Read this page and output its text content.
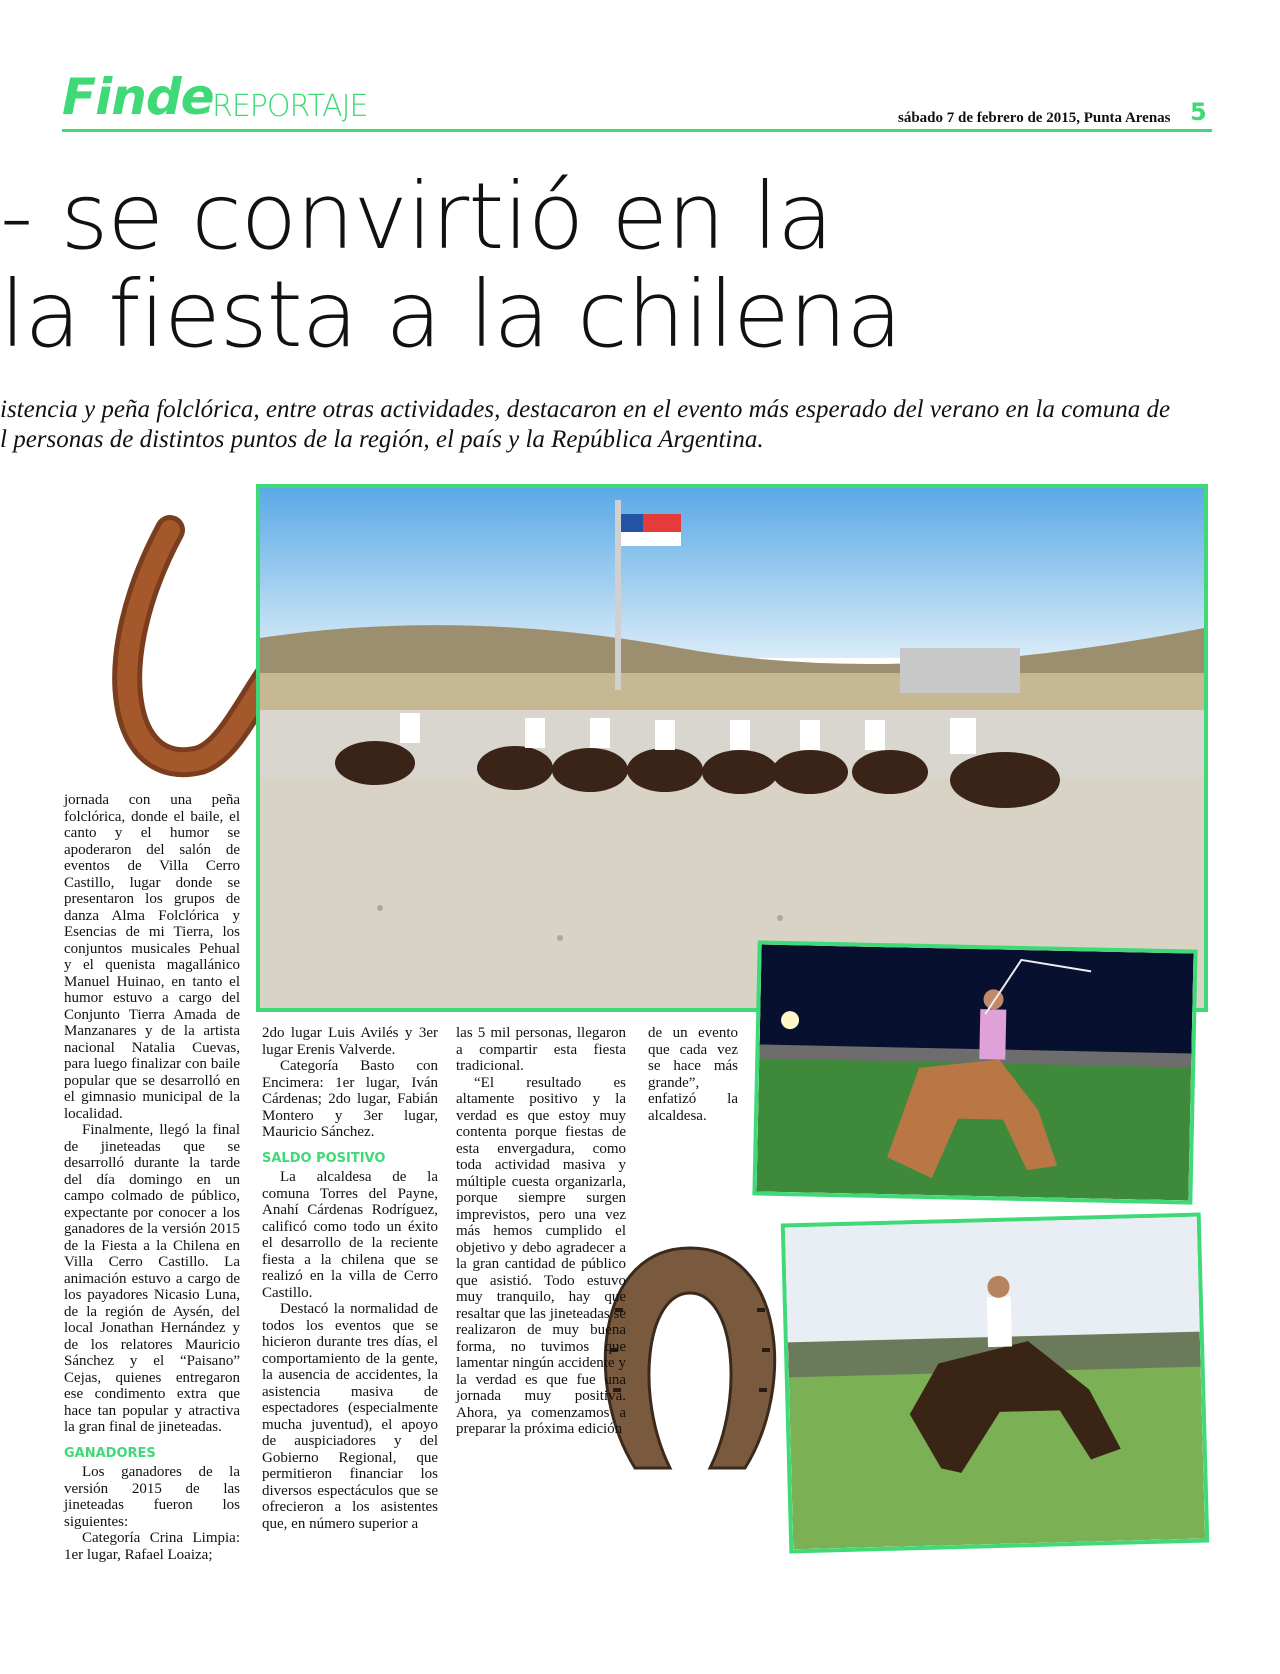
Finde
REPORTAJE	sábado 7 de febrero de 2015, Punta Arenas 5
- se convirtió en la
la fiesta a la chilena
istencia y peña folclórica, entre otras actividades, destacaron en el evento más esperado del verano en la comuna de
l personas de distintos puntos de la región, el país y la República Argentina.

jornada con una peña folclórica, donde el baile, el canto y el humor se apoderaron del salón de eventos de Villa Cerro Castillo, lugar donde se presentaron los grupos de danza Alma Folclórica y Esencias de mi Tierra, los conjuntos musicales Pehual y el quenista magallánico Manuel Huinao, en tanto el humor estuvo a cargo del Conjunto Tierra Amada de Manzanares y de la artista nacional Natalia Cuevas, para luego finalizar con baile popular que se desarrolló en el gimnasio municipal de la localidad.

Finalmente, llegó la final de jineteadas que se desarrolló durante la tarde del día domingo en un campo colmado de público, expectante por conocer a los ganadores de la versión 2015 de la Fiesta a la Chilena en Villa Cerro Castillo. La animación estuvo a cargo de los payadores Nicasio Luna, de la región de Aysén, del local Jonathan Hernández y de los relatores Mauricio Sánchez y el “Paisano” Cejas, quienes entregaron ese condimento extra que hace tan popular y atractiva la gran final de jineteadas.

GANADORES

Los ganadores de la versión 2015 de las jineteadas fueron los siguientes:

Categoría Crina Limpia: 1er lugar, Rafael Loaiza;

2do lugar Luis Avilés y 3er lugar Erenis Valverde.

Categoría Basto con Encimera: 1er lugar, Iván Cárdenas; 2do lugar, Fabián Montero y 3er lugar, Mauricio Sánchez.

SALDO POSITIVO

La alcaldesa de la comuna Torres del Payne, Anahí Cárdenas Rodríguez, calificó como todo un éxito el desarrollo de la reciente fiesta a la chilena que se realizó en la villa de Cerro Castillo.

Destacó la normalidad de todos los eventos que se hicieron durante tres días, el comportamiento de la gente, la ausencia de accidentes, la asistencia masiva de espectadores (especialmente mucha juventud), el apoyo de auspiciadores y del Gobierno Regional, que permitieron financiar los diversos espectáculos que se ofrecieron a los asistentes que, en número superior a

las 5 mil personas, llegaron a compartir esta fiesta tradicional.

“El resultado es altamente positivo y la verdad es que estoy muy contenta porque fiestas de esta envergadura, como toda actividad masiva y múltiple cuesta organizarla, porque siempre surgen imprevistos, pero una vez más hemos cumplido el objetivo y debo agradecer a la gran cantidad de público que asistió. Todo estuvo muy tranquilo, hay que resaltar que las jineteadas se realizaron de muy buena forma, no tuvimos que lamentar ningún accidente y la verdad es que fue una jornada muy positiva. Ahora, ya comenzamos a preparar la próxima edición

de un evento que cada vez se hace más grande”, enfatizó la alcaldesa.
